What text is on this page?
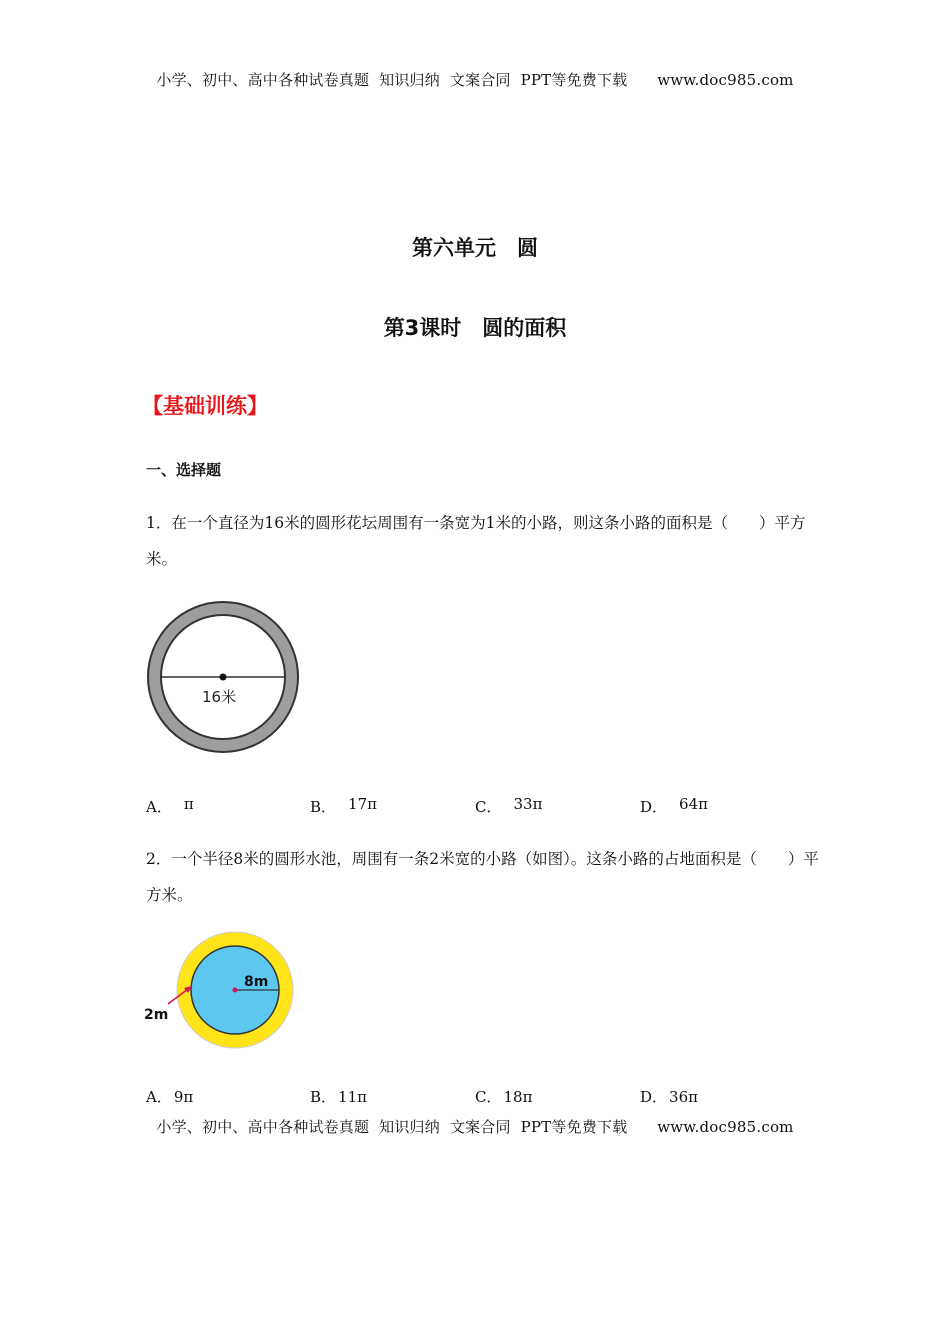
小学、初中、高中各种试卷真题  知识归纳  文案合同  PPT等免费下载      www.doc985.com
第六单元　圆
第3课时　圆的面积
【基础训练】
一、选择题
1．在一个直径为16米的圆形花坛周围有一条宽为1米的小路，则这条小路的面积是（　　）平方米。
16米
A． π	B． 17π	C． 33π	D． 64π
2．一个半径8米的圆形水池，周围有一条2米宽的小路（如图）。这条小路的占地面积是（　　）平方米。
8m
2m
A． 9π	B． 11π	C． 18π	D． 36π
小学、初中、高中各种试卷真题  知识归纳  文案合同  PPT等免费下载      www.doc985.com
